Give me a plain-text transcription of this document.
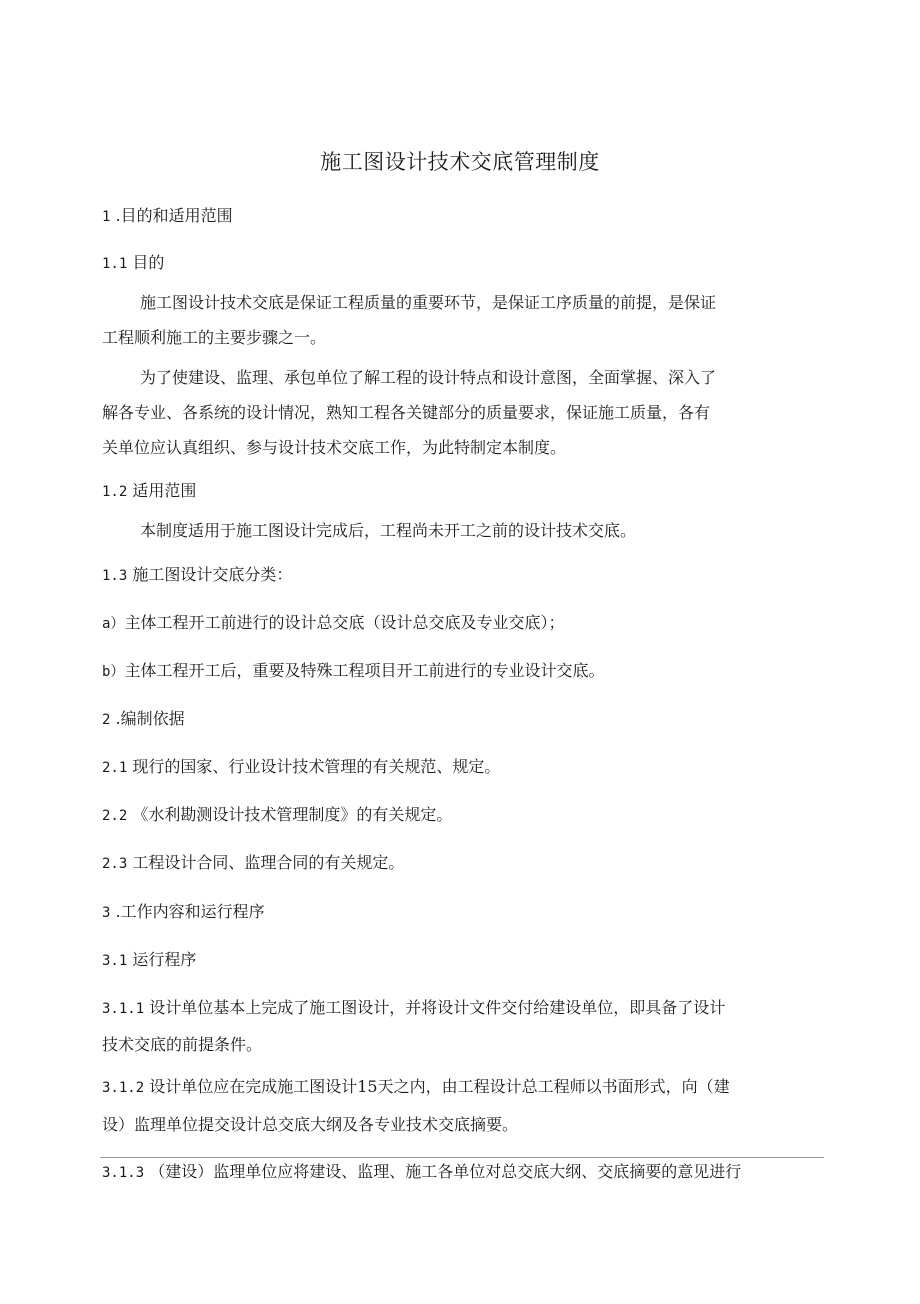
施工图设计技术交底管理制度
1 .目的和适用范围
1.1 目的
施工图设计技术交底是保证工程质量的重要环节，是保证工序质量的前提，是保证
工程顺利施工的主要步骤之一。
为了使建设、监理、承包单位了解工程的设计特点和设计意图，全面掌握、深入了
解各专业、各系统的设计情况，熟知工程各关键部分的质量要求，保证施工质量，各有
关单位应认真组织、参与设计技术交底工作，为此特制定本制度。
1.2 适用范围
本制度适用于施工图设计完成后，工程尚未开工之前的设计技术交底。
1.3 施工图设计交底分类：
a）主体工程开工前进行的设计总交底（设计总交底及专业交底）；
b）主体工程开工后，重要及特殊工程项目开工前进行的专业设计交底。
2 .编制依据
2.1 现行的国家、行业设计技术管理的有关规范、规定。
2.2 《水利勘测设计技术管理制度》的有关规定。
2.3 工程设计合同、监理合同的有关规定。
3 .工作内容和运行程序
3.1 运行程序
3.1.1 设计单位基本上完成了施工图设计，并将设计文件交付给建设单位，即具备了设计
技术交底的前提条件。
3.1.2 设计单位应在完成施工图设计15天之内，由工程设计总工程师以书面形式，向（建
设）监理单位提交设计总交底大纲及各专业技术交底摘要。
3.1.3 （建设）监理单位应将建设、监理、施工各单位对总交底大纲、交底摘要的意见进行
